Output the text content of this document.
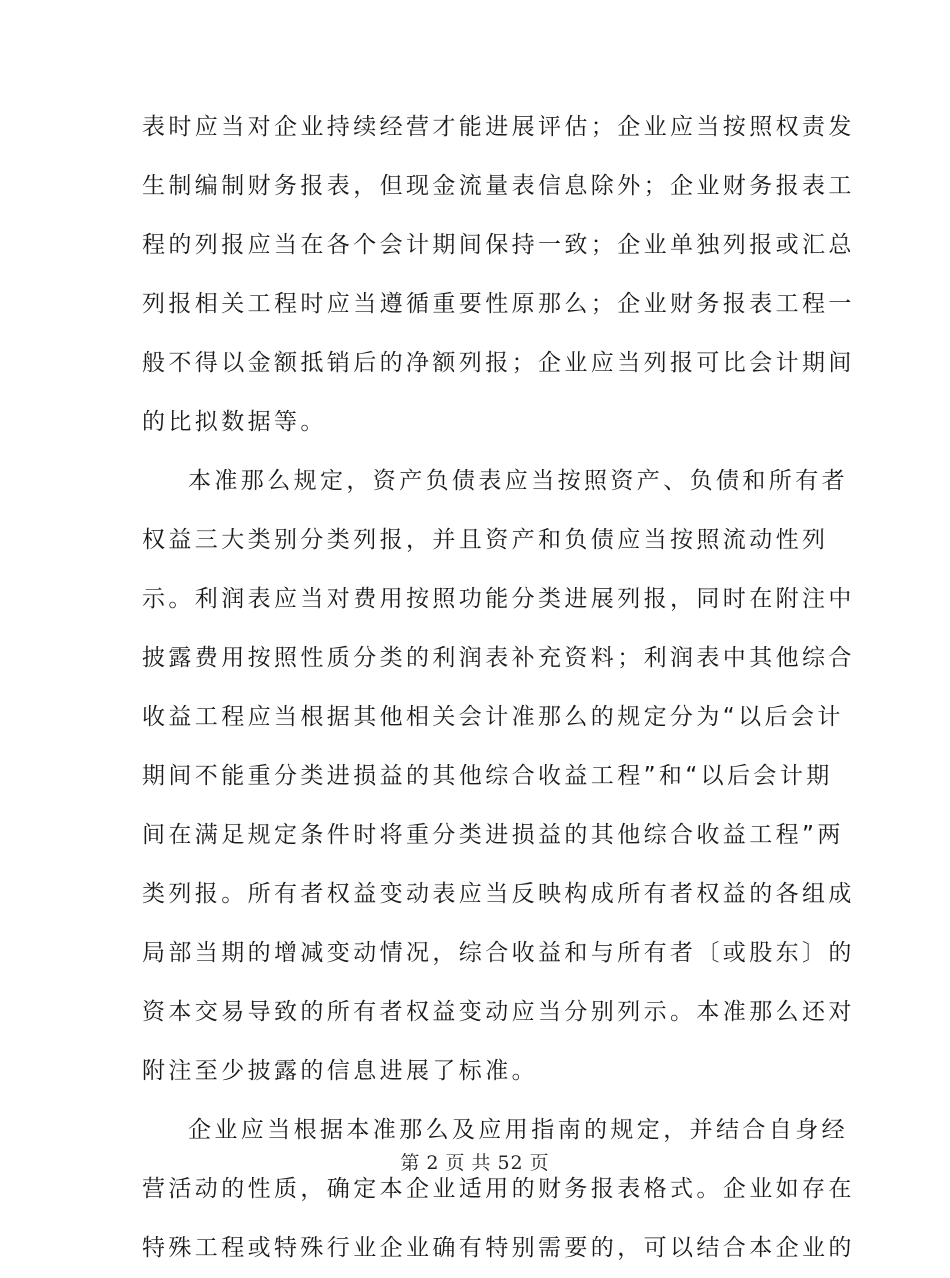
表时应当对企业持续经营才能进展评估；企业应当按照权责发
生制编制财务报表，但现金流量表信息除外；企业财务报表工
程的列报应当在各个会计期间保持一致；企业单独列报或汇总
列报相关工程时应当遵循重要性原那么；企业财务报表工程一
般不得以金额抵销后的净额列报；企业应当列报可比会计期间
的比拟数据等。
本准那么规定，资产负债表应当按照资产、负债和所有者
权益三大类别分类列报，并且资产和负债应当按照流动性列
示。利润表应当对费用按照功能分类进展列报，同时在附注中
披露费用按照性质分类的利润表补充资料；利润表中其他综合
收益工程应当根据其他相关会计准那么的规定分为“以后会计
期间不能重分类进损益的其他综合收益工程”和“以后会计期
间在满足规定条件时将重分类进损益的其他综合收益工程”两
类列报。所有者权益变动表应当反映构成所有者权益的各组成
局部当期的增减变动情况，综合收益和与所有者〔或股东〕的
资本交易导致的所有者权益变动应当分别列示。本准那么还对
附注至少披露的信息进展了标准。
企业应当根据本准那么及应用指南的规定，并结合自身经
营活动的性质，确定本企业适用的财务报表格式。企业如存在
特殊工程或特殊行业企业确有特别需要的，可以结合本企业的
第 2 页 共 52 页
